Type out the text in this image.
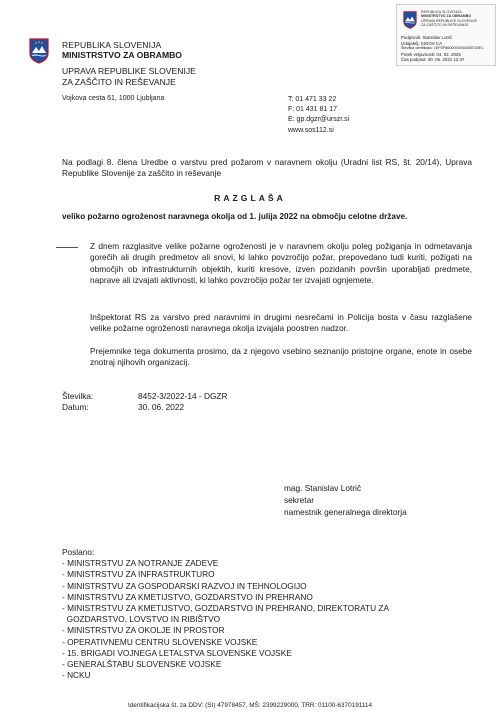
REPUBLIKA SLOVENIJA
MINISTRSTVO ZA OBRAMBO
UPRAVA REPUBLIKE SLOVENIJE
ZA ZAŠČITO IN REŠEVANJE
Podpisnik: Stanislav Lotrič
Izdajatelj: SIGOV-CA
Številka certifikata: 1EF0F8600000000058730E1
Potek veljavnosti: 04. 02. 2025
Čas podpisa: 30. 06. 2022 12:47
REPUBLIKA SLOVENIJA
MINISTRSTVO ZA OBRAMBO
UPRAVA REPUBLIKE SLOVENIJE
ZA ZAŠČITO IN REŠEVANJE
Vojkova cesta 61, 1000 Ljubljana	T: 01 471 33 22
F: 01 431 81 17
E: gp.dgzr@urszr.si
www.sos112.si
Na podlagi 8. člena Uredbe o varstvu pred požarom v naravnem okolju (Uradni list RS, št. 20/14), Uprava Republike Slovenije za zaščito in reševanje
RAZGLAŠA
veliko požarno ogroženost naravnega okolja od 1. julija 2022 na območju celotne države.
Z dnem razglasitve velike požarne ogroženosti je v naravnem okolju poleg požiganja in odmetavanja gorečih ali drugih predmetov ali snovi, ki lahko povzročijo požar, prepovedano tudi kuriti, požigati na območjih ob infrastrukturnih objektih, kuriti kresove, izven pozidanih površin uporabljati predmete, naprave ali izvajati aktivnosti, ki lahko povzročijo požar ter izvajati ognjemete.
Inšpektorat RS za varstvo pred naravnimi in drugimi nesrečami in Policija bosta v času razglašene velike požarne ogroženosti naravnega okolja izvajala poostren nadzor.
Prejemnike tega dokumenta prosimo, da z njegovo vsebino seznanijo pristojne organe, enote in osebe znotraj njihovih organizacij.
Številka:	8452-3/2022-14 - DGZR
Datum:	30. 06. 2022
mag. Stanislav Lotrič
sekretar
namestnik generalnega direktorja
Poslano:
- MINISTRSTVU ZA NOTRANJE ZADEVE
- MINISTRSTVU ZA INFRASTRUKTURO
- MINISTRSTVU ZA GOSPODARSKI RAZVOJ IN TEHNOLOGIJO
- MINISTRSTVU ZA KMETIJSTVO, GOZDARSTVO IN PREHRANO
- MINISTRSTVU ZA KMETIJSTVO, GOZDARSTVO IN PREHRANO, DIREKTORATU ZA
GOZDARSTVO, LOVSTVO IN RIBIŠTVO
- MINISTRSTVU ZA OKOLJE IN PROSTOR
- OPERATIVNEMU CENTRU SLOVENSKE VOJSKE
- 15. BRIGADI VOJNEGA LETALSTVA SLOVENSKE VOJSKE
- GENERALŠTABU SLOVENSKE VOJSKE
- NCKU
Identifikacijska št. za DDV: (SI) 47978457, MŠ: 2399229000, TRR: 01100-6370191114
